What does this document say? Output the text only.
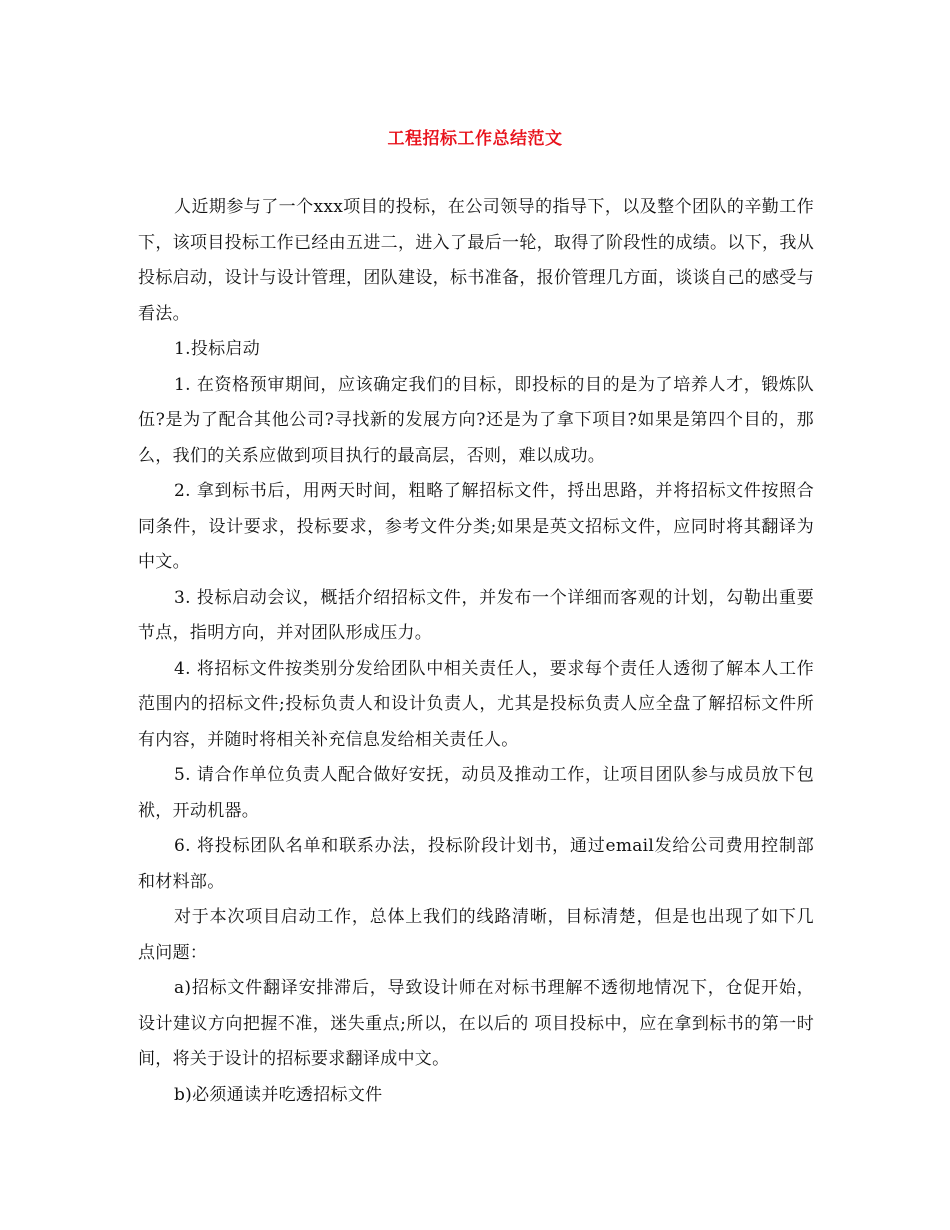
工程招标工作总结范文

人近期参与了一个xxx项目的投标，在公司领导的指导下，以及整个团队的辛勤工作下，该项目投标工作已经由五进二，进入了最后一轮，取得了阶段性的成绩。以下，我从投标启动，设计与设计管理，团队建设，标书准备，报价管理几方面，谈谈自己的感受与看法。

1.投标启动

1. 在资格预审期间，应该确定我们的目标，即投标的目的是为了培养人才，锻炼队伍?是为了配合其他公司?寻找新的发展方向?还是为了拿下项目?如果是第四个目的，那么，我们的关系应做到项目执行的最高层，否则，难以成功。

2. 拿到标书后，用两天时间，粗略了解招标文件，捋出思路，并将招标文件按照合同条件，设计要求，投标要求，参考文件分类;如果是英文招标文件，应同时将其翻译为中文。

3. 投标启动会议，概括介绍招标文件，并发布一个详细而客观的计划，勾勒出重要节点，指明方向，并对团队形成压力。

4. 将招标文件按类别分发给团队中相关责任人，要求每个责任人透彻了解本人工作范围内的招标文件;投标负责人和设计负责人，尤其是投标负责人应全盘了解招标文件所有内容，并随时将相关补充信息发给相关责任人。

5. 请合作单位负责人配合做好安抚，动员及推动工作，让项目团队参与成员放下包袱，开动机器。

6. 将投标团队名单和联系办法，投标阶段计划书，通过email发给公司费用控制部和材料部。

对于本次项目启动工作，总体上我们的线路清晰，目标清楚，但是也出现了如下几点问题：

a)招标文件翻译安排滞后，导致设计师在对标书理解不透彻地情况下，仓促开始，设计建议方向把握不准，迷失重点;所以，在以后的 项目投标中，应在拿到标书的第一时间，将关于设计的招标要求翻译成中文。

b)必须通读并吃透招标文件
